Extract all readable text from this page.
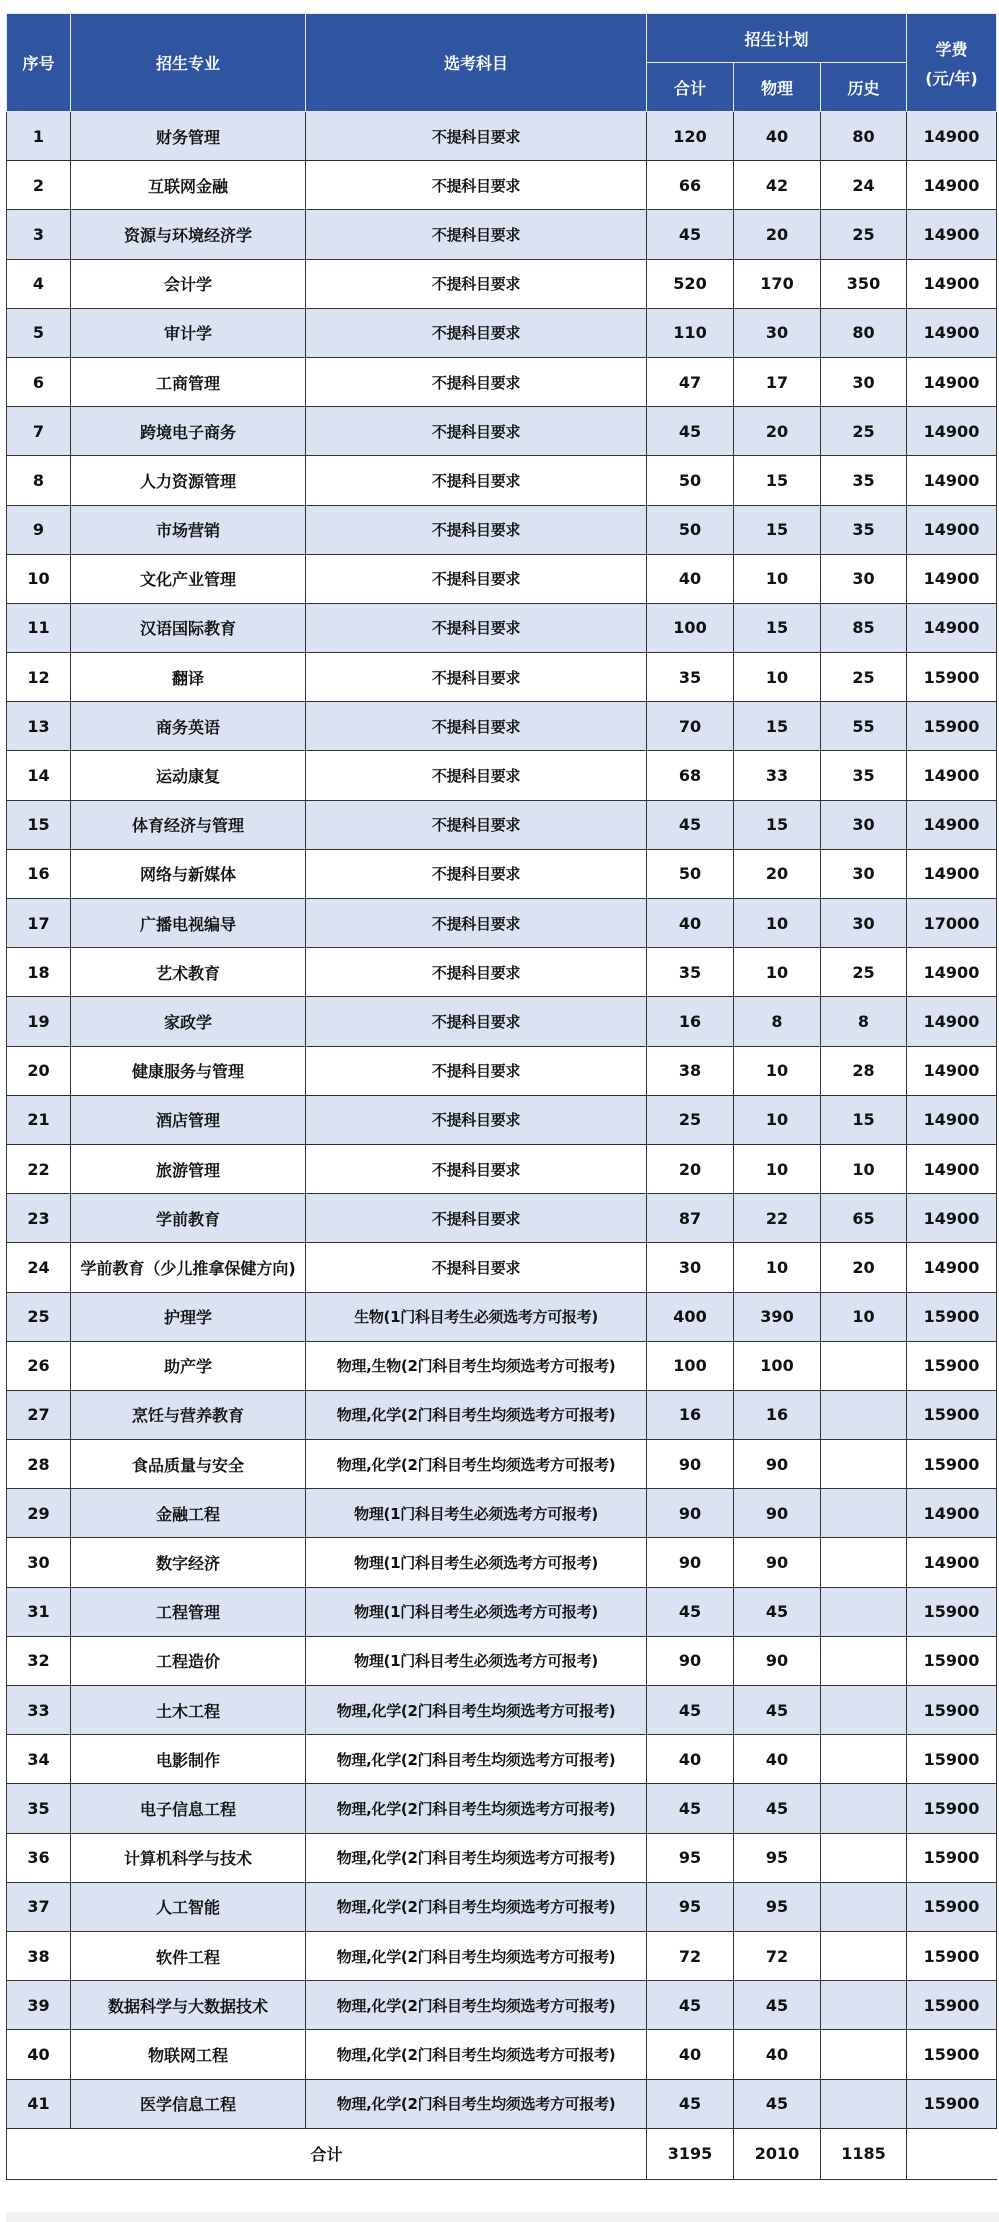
序号	招生专业	选考科目	招生计划			学费
(元/年)

			合计	物理	历史	
1	财务管理	不提科目要求	120	40	80	14900
2	互联网金融	不提科目要求	66	42	24	14900
3	资源与环境经济学	不提科目要求	45	20	25	14900
4	会计学	不提科目要求	520	170	350	14900
5	审计学	不提科目要求	110	30	80	14900
6	工商管理	不提科目要求	47	17	30	14900
7	跨境电子商务	不提科目要求	45	20	25	14900
8	人力资源管理	不提科目要求	50	15	35	14900
9	市场营销	不提科目要求	50	15	35	14900
10	文化产业管理	不提科目要求	40	10	30	14900
11	汉语国际教育	不提科目要求	100	15	85	14900
12	翻译	不提科目要求	35	10	25	15900
13	商务英语	不提科目要求	70	15	55	15900
14	运动康复	不提科目要求	68	33	35	14900
15	体育经济与管理	不提科目要求	45	15	30	14900
16	网络与新媒体	不提科目要求	50	20	30	14900
17	广播电视编导	不提科目要求	40	10	30	17000
18	艺术教育	不提科目要求	35	10	25	14900
19	家政学	不提科目要求	16	8	8	14900
20	健康服务与管理	不提科目要求	38	10	28	14900
21	酒店管理	不提科目要求	25	10	15	14900
22	旅游管理	不提科目要求	20	10	10	14900
23	学前教育	不提科目要求	87	22	65	14900
24	学前教育（少儿推拿保健方向)	不提科目要求	30	10	20	14900
25	护理学	生物(1门科目考生必须选考方可报考)	400	390	10	15900
26	助产学	物理,生物(2门科目考生均须选考方可报考)	100	100		15900
27	烹饪与营养教育	物理,化学(2门科目考生均须选考方可报考)	16	16		15900
28	食品质量与安全	物理,化学(2门科目考生均须选考方可报考)	90	90		15900
29	金融工程	物理(1门科目考生必须选考方可报考)	90	90		14900
30	数字经济	物理(1门科目考生必须选考方可报考)	90	90		14900
31	工程管理	物理(1门科目考生必须选考方可报考)	45	45		15900
32	工程造价	物理(1门科目考生必须选考方可报考)	90	90		15900
33	土木工程	物理,化学(2门科目考生均须选考方可报考)	45	45		15900
34	电影制作	物理,化学(2门科目考生均须选考方可报考)	40	40		15900
35	电子信息工程	物理,化学(2门科目考生均须选考方可报考)	45	45		15900
36	计算机科学与技术	物理,化学(2门科目考生均须选考方可报考)	95	95		15900
37	人工智能	物理,化学(2门科目考生均须选考方可报考)	95	95		15900
38	软件工程	物理,化学(2门科目考生均须选考方可报考)	72	72		15900
39	数据科学与大数据技术	物理,化学(2门科目考生均须选考方可报考)	45	45		15900
40	物联网工程	物理,化学(2门科目考生均须选考方可报考)	40	40		15900
41	医学信息工程	物理,化学(2门科目考生均须选考方可报考)	45	45		15900
合计			3195	2010	1185	
